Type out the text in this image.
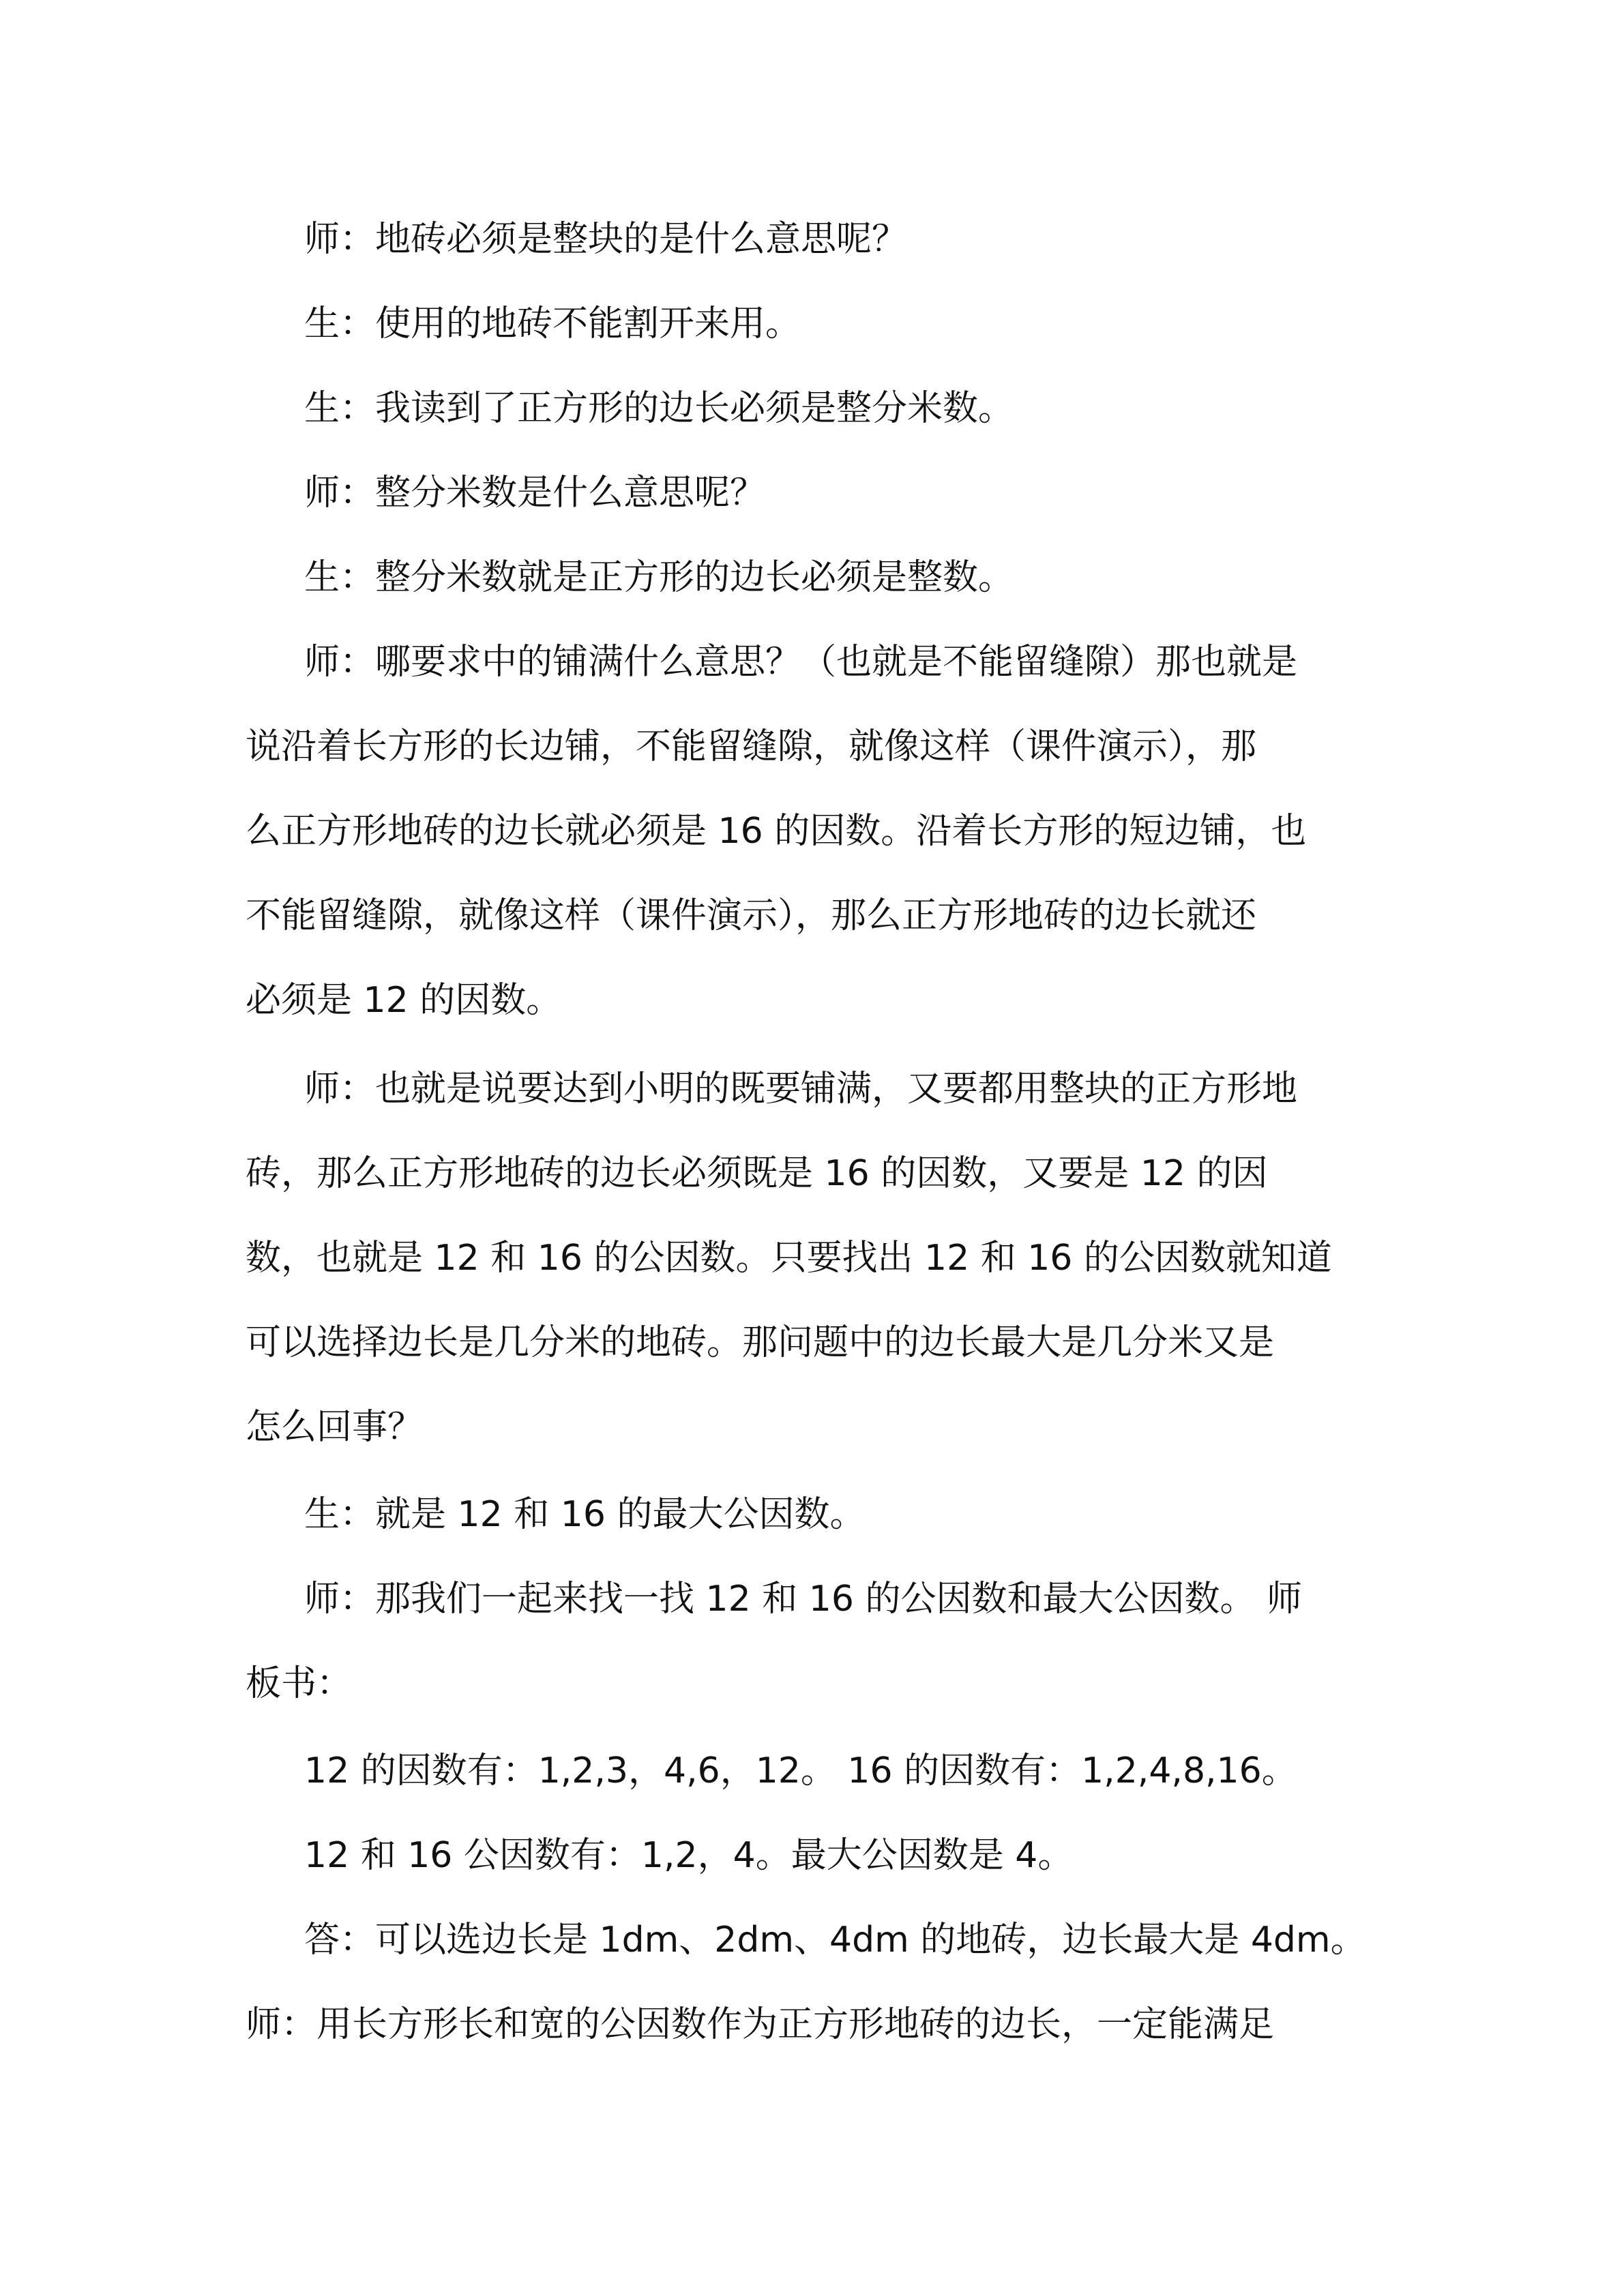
师：地砖必须是整块的是什么意思呢？
生：使用的地砖不能割开来用。
生：我读到了正方形的边长必须是整分米数。
师：整分米数是什么意思呢？
生：整分米数就是正方形的边长必须是整数。
师：哪要求中的铺满什么意思？（也就是不能留缝隙）那也就是
说沿着长方形的长边铺，不能留缝隙，就像这样（课件演示），那
么正方形地砖的边长就必须是 16 的因数。沿着长方形的短边铺，也
不能留缝隙，就像这样（课件演示），那么正方形地砖的边长就还
必须是 12 的因数。
师：也就是说要达到小明的既要铺满，又要都用整块的正方形地
砖，那么正方形地砖的边长必须既是 16 的因数，又要是 12 的因
数，也就是 12 和 16 的公因数。只要找出 12 和 16 的公因数就知道
可以选择边长是几分米的地砖。那问题中的边长最大是几分米又是
怎么回事？
生：就是 12 和 16 的最大公因数。
师：那我们一起来找一找 12 和 16 的公因数和最大公因数。 师
板书：
12 的因数有：1,2,3，4,6，12。 16 的因数有：1,2,4,8,16。
12 和 16 公因数有：1,2，4。最大公因数是 4。
答：可以选边长是 1dm、2dm、4dm 的地砖，边长最大是 4dm。
师：用长方形长和宽的公因数作为正方形地砖的边长，一定能满足
